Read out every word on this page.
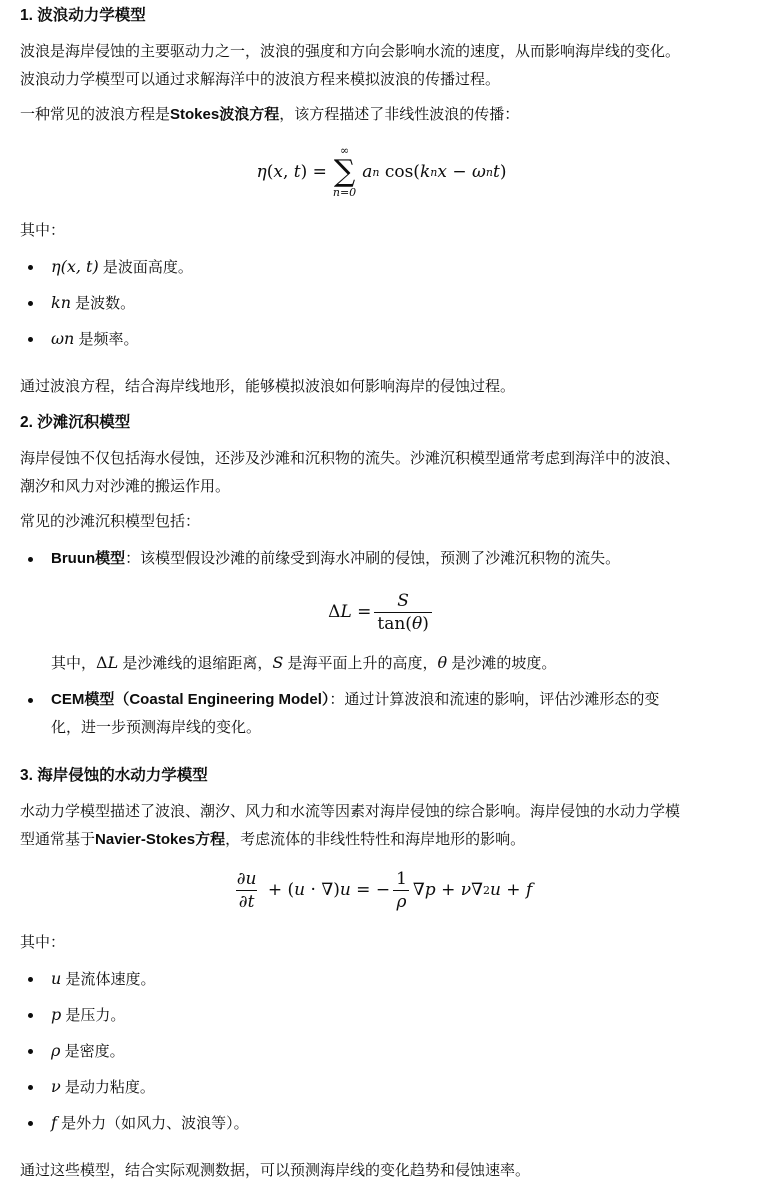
1. 波浪动力学模型

波浪是海岸侵蚀的主要驱动力之一，波浪的强度和方向会影响水流的速度，从而影响海岸线的变化。

波浪动力学模型可以通过求解海洋中的波浪方程来模拟波浪的传播过程。

一种常见的波浪方程是Stokes波浪方程，该方程描述了非线性波浪的传播：

η ( x , t ) =
∞
∑
n=0
a n cos( k n x − ω n t )

其中：

η(x, t) 是波面高度。
kn 是波数。
ωn 是频率。

通过波浪方程，结合海岸线地形，能够模拟波浪如何影响海岸的侵蚀过程。

2. 沙滩沉积模型

海岸侵蚀不仅包括海水侵蚀，还涉及沙滩和沉积物的流失。沙滩沉积模型通常考虑到海洋中的波浪、

潮汐和风力对沙滩的搬运作用。

常见的沙滩沉积模型包括：

Bruun模型：该模型假设沙滩的前缘受到海水冲刷的侵蚀，预测了沙滩沉积物的流失。
Δ $L = \frac{S}{\tan(\theta)}$

其中，ΔL 是沙滩线的退缩距离，S 是海平面上升的高度，θ 是沙滩的坡度。

CEM模型（Coastal Engineering Model）：通过计算波浪和流速的影响，评估沙滩形态的变

化，进一步预测海岸线的变化。

3. 海岸侵蚀的水动力学模型

水动力学模型描述了波浪、潮汐、风力和水流等因素对海岸侵蚀的综合影响。海岸侵蚀的水动力学模

型通常基于Navier-Stokes方程，考虑流体的非线性特性和海岸地形的影响。

$\frac{\partial u}{\partial t}$ + ( u · ∇) u = − $\frac{1}{\rho}$ ∇ p + ν ∇ 2 u + f

其中：

u 是流体速度。
p 是压力。
ρ 是密度。
ν 是动力粘度。
f 是外力（如风力、波浪等）。

通过这些模型，结合实际观测数据，可以预测海岸线的变化趋势和侵蚀速率。
